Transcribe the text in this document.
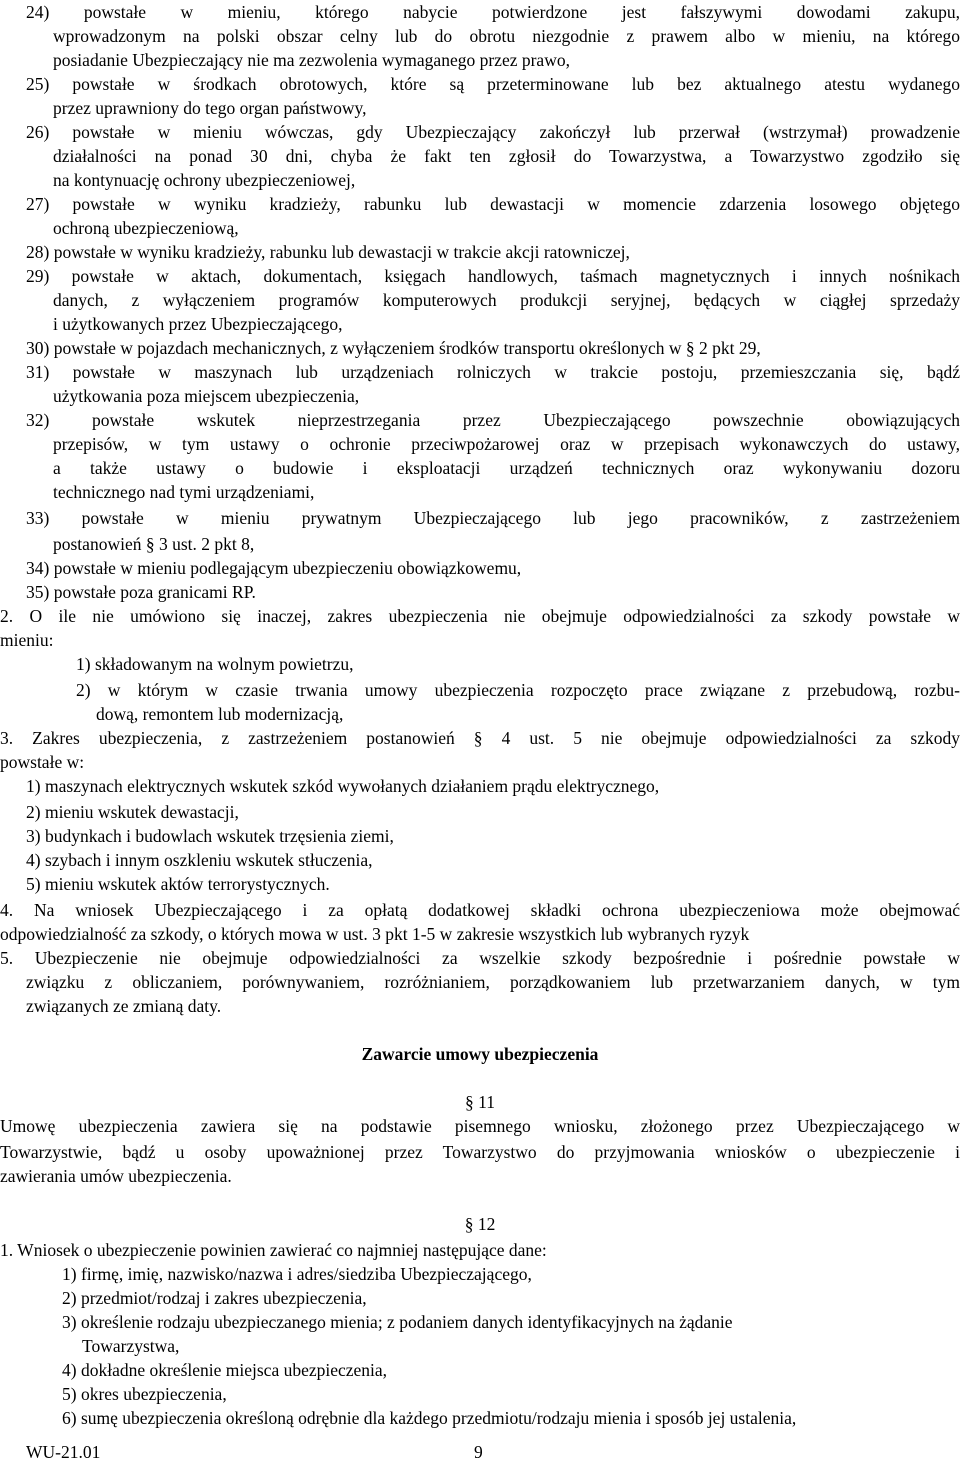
24) powstałe w mieniu, którego nabycie potwierdzone jest fałszywymi dowodami zakupu,
wprowadzonym na polski obszar celny lub do obrotu niezgodnie z prawem albo w mieniu, na którego
posiadanie Ubezpieczający nie ma zezwolenia wymaganego przez prawo,
25) powstałe w środkach obrotowych, które są przeterminowane lub bez aktualnego atestu wydanego
przez uprawniony do tego organ państwowy,
26) powstałe w mieniu wówczas, gdy Ubezpieczający zakończył lub przerwał (wstrzymał) prowadzenie
działalności na ponad 30 dni, chyba że fakt ten zgłosił do Towarzystwa, a Towarzystwo zgodziło się
na kontynuację ochrony ubezpieczeniowej,
27) powstałe w wyniku kradzieży, rabunku lub dewastacji w momencie zdarzenia losowego objętego
ochroną ubezpieczeniową,
28) powstałe w wyniku kradzieży, rabunku lub dewastacji w trakcie akcji ratowniczej,
29) powstałe w aktach, dokumentach, księgach handlowych, taśmach magnetycznych i innych nośnikach
danych, z wyłączeniem programów komputerowych produkcji seryjnej, będących w ciągłej sprzedaży
i użytkowanych przez Ubezpieczającego,
30) powstałe w pojazdach mechanicznych, z wyłączeniem środków transportu określonych w § 2 pkt 29,
31) powstałe w maszynach lub urządzeniach rolniczych w trakcie postoju, przemieszczania się, bądź
użytkowania poza miejscem ubezpieczenia,
32) powstałe wskutek nieprzestrzegania przez Ubezpieczającego powszechnie obowiązujących
przepisów, w tym ustawy o ochronie przeciwpożarowej oraz w przepisach wykonawczych do ustawy,
a także ustawy o budowie i eksploatacji urządzeń technicznych oraz wykonywaniu dozoru
technicznego nad tymi urządzeniami,
33) powstałe w mieniu prywatnym Ubezpieczającego lub jego pracowników, z zastrzeżeniem
postanowień § 3 ust. 2 pkt 8,
34) powstałe w mieniu podlegającym ubezpieczeniu obowiązkowemu,
35) powstałe poza granicami RP.
2. O ile nie umówiono się inaczej, zakres ubezpieczenia nie obejmuje odpowiedzialności za szkody powstałe w
mieniu:
1) składowanym na wolnym powietrzu,
2) w którym w czasie trwania umowy ubezpieczenia rozpoczęto prace związane z przebudową, rozbu-
dową, remontem lub modernizacją,
3. Zakres ubezpieczenia, z zastrzeżeniem postanowień § 4 ust. 5 nie obejmuje odpowiedzialności za szkody
powstałe w:
1) maszynach elektrycznych wskutek szkód wywołanych działaniem prądu elektrycznego,
2) mieniu wskutek dewastacji,
3) budynkach i budowlach wskutek trzęsienia ziemi,
4) szybach i innym oszkleniu wskutek stłuczenia,
5) mieniu wskutek aktów terrorystycznych.
4. Na wniosek Ubezpieczającego i za opłatą dodatkowej składki ochrona ubezpieczeniowa może obejmować
odpowiedzialność za szkody, o których mowa w ust. 3 pkt 1-5 w zakresie wszystkich lub wybranych ryzyk
5. Ubezpieczenie nie obejmuje odpowiedzialności za wszelkie szkody bezpośrednie i pośrednie powstałe w
związku z obliczaniem, porównywaniem, rozróżnianiem, porządkowaniem lub przetwarzaniem danych, w tym
związanych ze zmianą daty.
Zawarcie umowy ubezpieczenia
§ 11
Umowę ubezpieczenia zawiera się na podstawie pisemnego wniosku, złożonego przez Ubezpieczającego w
Towarzystwie, bądź u osoby upoważnionej przez Towarzystwo do przyjmowania wniosków o ubezpieczenie i
zawierania umów ubezpieczenia.
§ 12
1. Wniosek o ubezpieczenie powinien zawierać co najmniej następujące dane:
1) firmę, imię, nazwisko/nazwa i adres/siedziba Ubezpieczającego,
2) przedmiot/rodzaj i zakres ubezpieczenia,
3) określenie rodzaju ubezpieczanego mienia; z podaniem danych identyfikacyjnych na żądanie
Towarzystwa,
4) dokładne określenie miejsca ubezpieczenia,
5) okres ubezpieczenia,
6) sumę ubezpieczenia określoną odrębnie dla każdego przedmiotu/rodzaju mienia i sposób jej ustalenia,
WU-21.01	9
